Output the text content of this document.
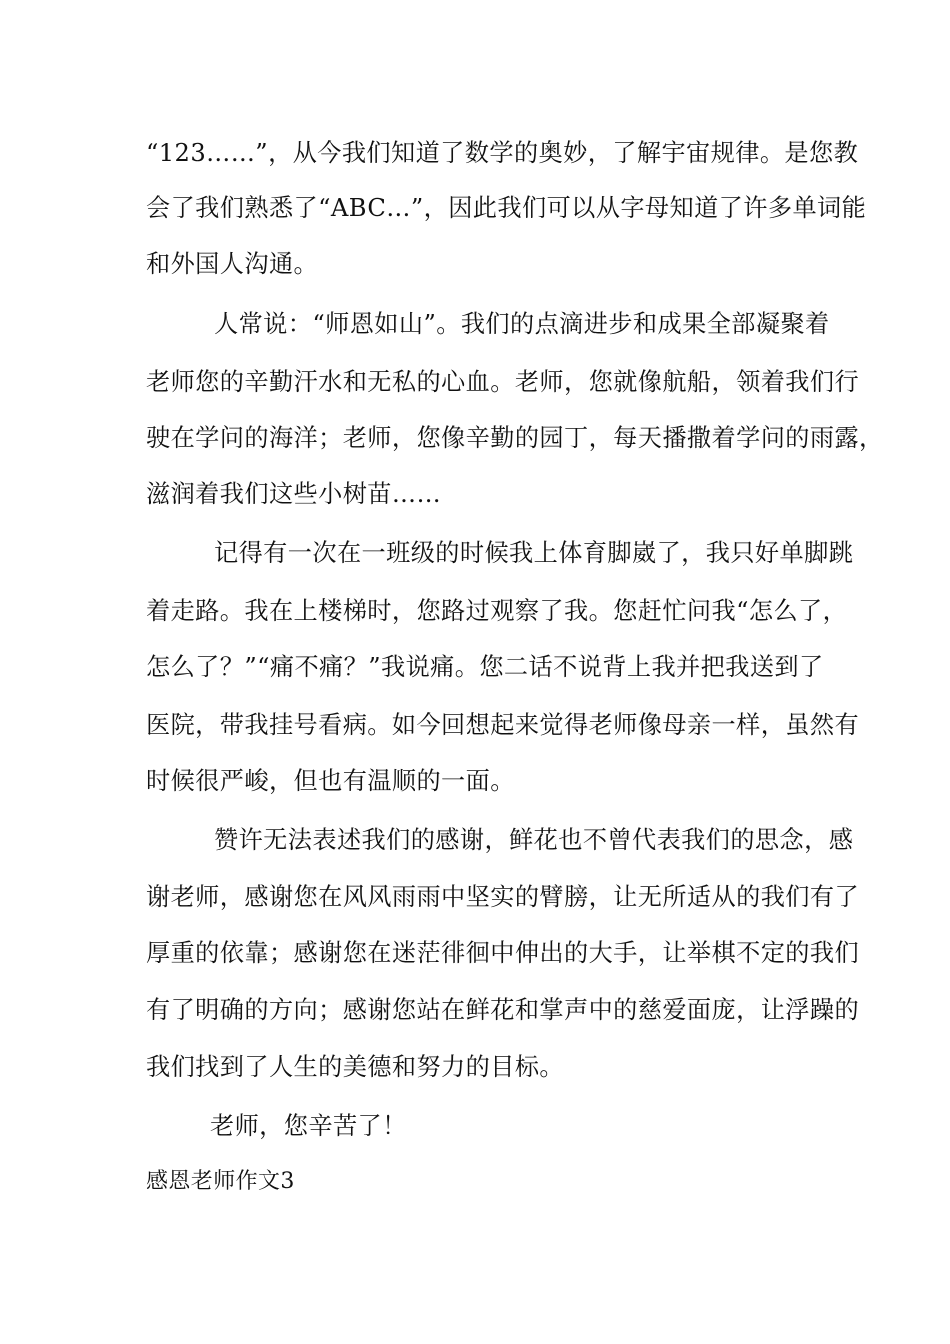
“123……”，从今我们知道了数学的奥妙，了解宇宙规律。是您教
会了我们熟悉了“ABC…”，因此我们可以从字母知道了许多单词能
和外国人沟通。
人常说：“师恩如山”。我们的点滴进步和成果全部凝聚着
老师您的辛勤汗水和无私的心血。老师，您就像航船，领着我们行
驶在学问的海洋；老师，您像辛勤的园丁，每天播撒着学问的雨露，
滋润着我们这些小树苗……
记得有一次在一班级的时候我上体育脚崴了，我只好单脚跳
着走路。我在上楼梯时，您路过观察了我。您赶忙问我“怎么了，
怎么了？”“痛不痛？”我说痛。您二话不说背上我并把我送到了
医院，带我挂号看病。如今回想起来觉得老师像母亲一样，虽然有
时候很严峻，但也有温顺的一面。
赞许无法表述我们的感谢，鲜花也不曾代表我们的思念，感
谢老师，感谢您在风风雨雨中坚实的臂膀，让无所适从的我们有了
厚重的依靠；感谢您在迷茫徘徊中伸出的大手，让举棋不定的我们
有了明确的方向；感谢您站在鲜花和掌声中的慈爱面庞，让浮躁的
我们找到了人生的美德和努力的目标。
老师，您辛苦了！
感恩老师作文3
